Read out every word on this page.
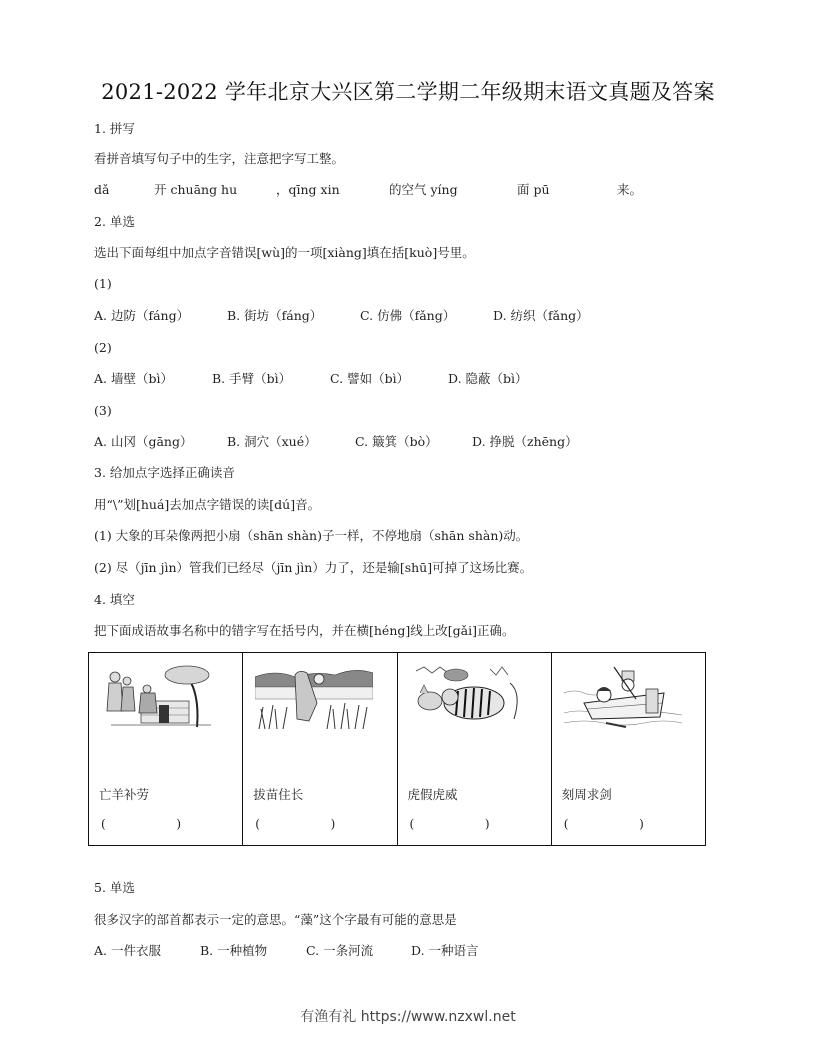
2021-2022 学年北京大兴区第二学期二年级期末语文真题及答案
1. 拼写
看拼音填写句子中的生字，注意把字写工整。
dǎ	开 chuāng hu	，qīng xin	的空气 yíng	面 pū	来。
2. 单选
选出下面每组中加点字音错误[wù]的一项[xiàng]填在括[kuò]号里。
(1)
A. 边防（fáng）	B. 街坊（fáng）	C. 仿佛（fǎng）	D. 纺织（fǎng）
(2)
A. 墙壁（bì）	B. 手臂（bì）	C. 譬如（bì）	D. 隐蔽（bì）
(3)
A. 山冈（gāng）	B. 洞穴（xué）	C. 簸箕（bò）	D. 挣脱（zhēng）
3. 给加点字选择正确读音
用“\”划[huá]去加点字错误的读[dú]音。
(1) 大象的耳朵像两把小扇（shān shàn)子一样，不停地扇（shān shàn)动。
(2) 尽（jīn jìn）管我们已经尽（jīn jìn）力了，还是输[shū]可掉了这场比赛。
4. 填空
把下面成语故事名称中的错字写在括号内，并在横[héng]线上改[gǎi]正确。
亡羊补劳
(	)
拔苗住长
(	)
虎假虎威
(	)
刻周求剑
(	)
5. 单选
很多汉字的部首都表示一定的意思。“藻”这个字最有可能的意思是
A. 一件衣服	B. 一种植物	C. 一条河流	D. 一种语言
有渔有礼 https://www.nzxwl.net
